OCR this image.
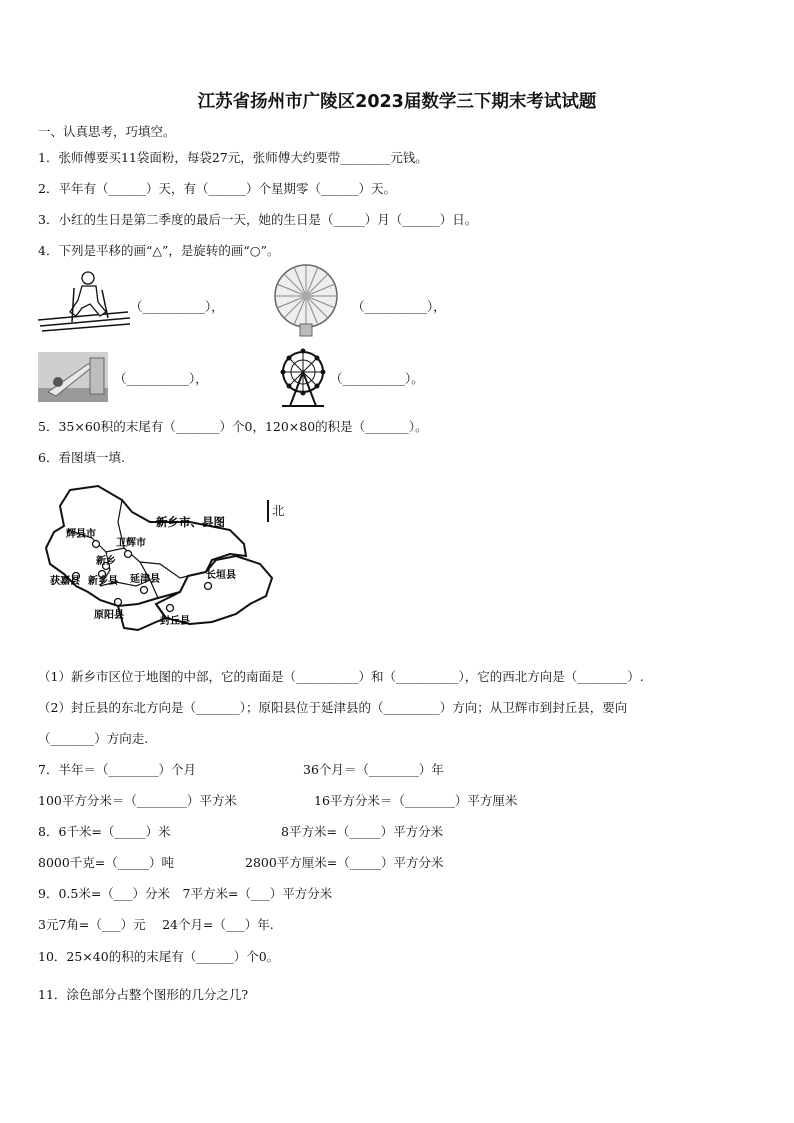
江苏省扬州市广陵区2023届数学三下期末考试试题
一、认真思考，巧填空。
1．张师傅要买11袋面粉，每袋27元，张师傅大约要带________元钱。
2．平年有（______）天，有（______）个星期零（______）天。
3．小红的生日是第二季度的最后一天，她的生日是（_____）月（______）日。
4．下列是平移的画“△”，是旋转的画“○”。
（__________），	（__________），
（__________），	（__________）。
5．35×60积的末尾有（_______）个0，120×80的积是（_______）。
6．看图填一填.
辉县市
卫辉市
新乡
获嘉县 新乡县 延津县	长垣县
原阳县
封丘县
新乡市、县图
北
（1）新乡市区位于地图的中部，它的南面是（__________）和（__________），它的西北方向是（________）.
（2）封丘县的东北方向是（_______）；原阳县位于延津县的（_________）方向；从卫辉市到封丘县，要向
（_______）方向走.
7．半年＝（________）个月	36个月＝（________）年
100平方分米＝（________）平方米	16平方分米＝（________）平方厘米
8．6千米=（_____）米	8平方米=（_____）平方分米
8000千克=（_____）吨	2800平方厘米=（_____）平方分米
9．0.5米=（___）分米　7平方米=（___）平方分米
3元7角=（___）元　 24个月=（___）年.
10．25×40的积的末尾有（______）个0。
11．涂色部分占整个图形的几分之几?
